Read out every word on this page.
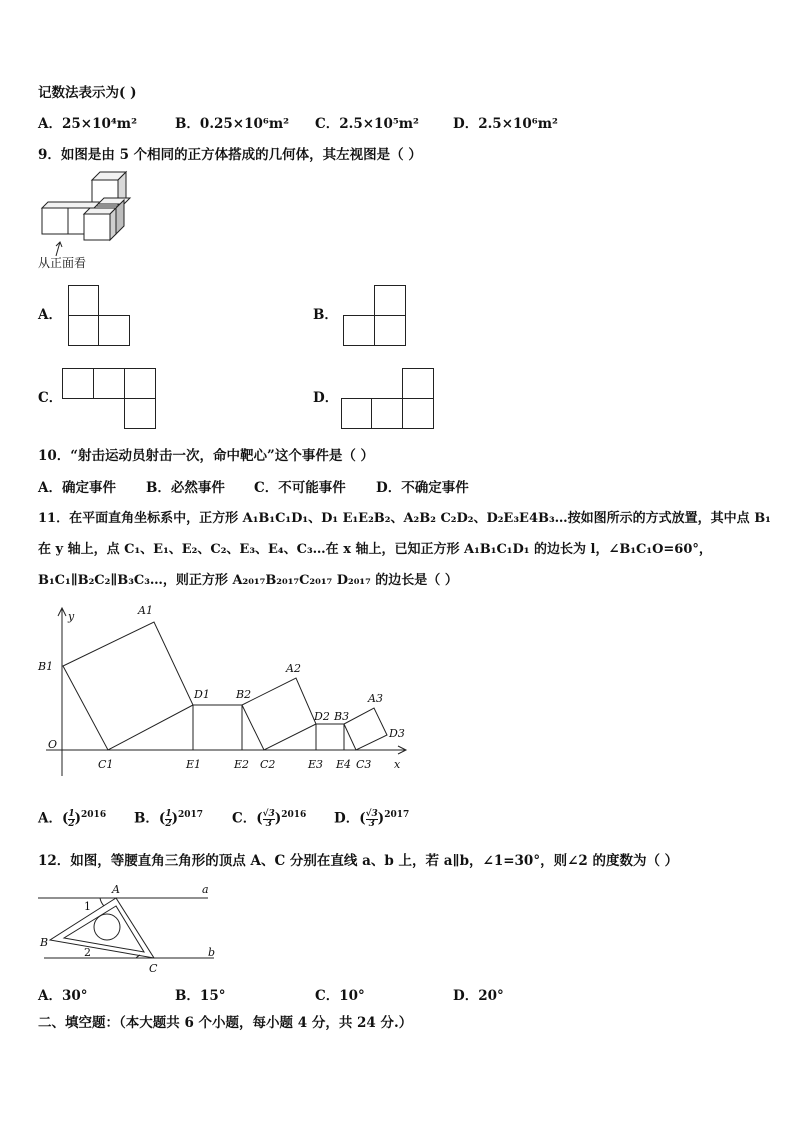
记数法表示为( )
A．25×10⁴m²	B．0.25×10⁶m² C．2.5×10⁵m²	D．2.5×10⁶m²
9．如图是由 5 个相同的正方体搭成的几何体，其左视图是（ ）
从正面看
A．	B．
C．	D．
10．“射击运动员射击一次，命中靶心”这个事件是（ ）
A．确定事件 B．必然事件 C．不可能事件 D．不确定事件
11．在平面直角坐标系中，正方形 A₁B₁C₁D₁、D₁ E₁E₂B₂、A₂B₂ C₂D₂、D₂E₃E4B₃…按如图所示的方式放置，其中点 B₁
在 y 轴上，点 C₁、E₁、E₂、C₂、E₃、E₄、C₃…在 x 轴上，已知正方形 A₁B₁C₁D₁ 的边长为 l，∠B₁C₁O=60°，
B₁C₁∥B₂C₂∥B₃C₃…，则正方形 A₂₀₁₇B₂₀₁₇C₂₀₁₇ D₂₀₁₇ 的边长是（ ）
y
x
O
A1
B1
C1
D1
E1	E2
B2
A2
C2
D2
E3 E4
B3
A3
C3
D3
A．( $\frac{1}{2} )^{2016}$ B．( $\frac{1}{2} )^{2017}$ C．( $\frac{√3}{3} )^{2016}$ D．( $\frac{√3}{3} )^{2017}$
12．如图，等腰直角三角形的顶点 A、C 分别在直线 a、b 上，若 a∥b，∠1=30°，则∠2 的度数为（ ）
A
B
C
a
b
1
2
A．30°	B．15°	C．10°	D．20°
二、填空题：（本大题共 6 个小题，每小题 4 分，共 24 分.）
